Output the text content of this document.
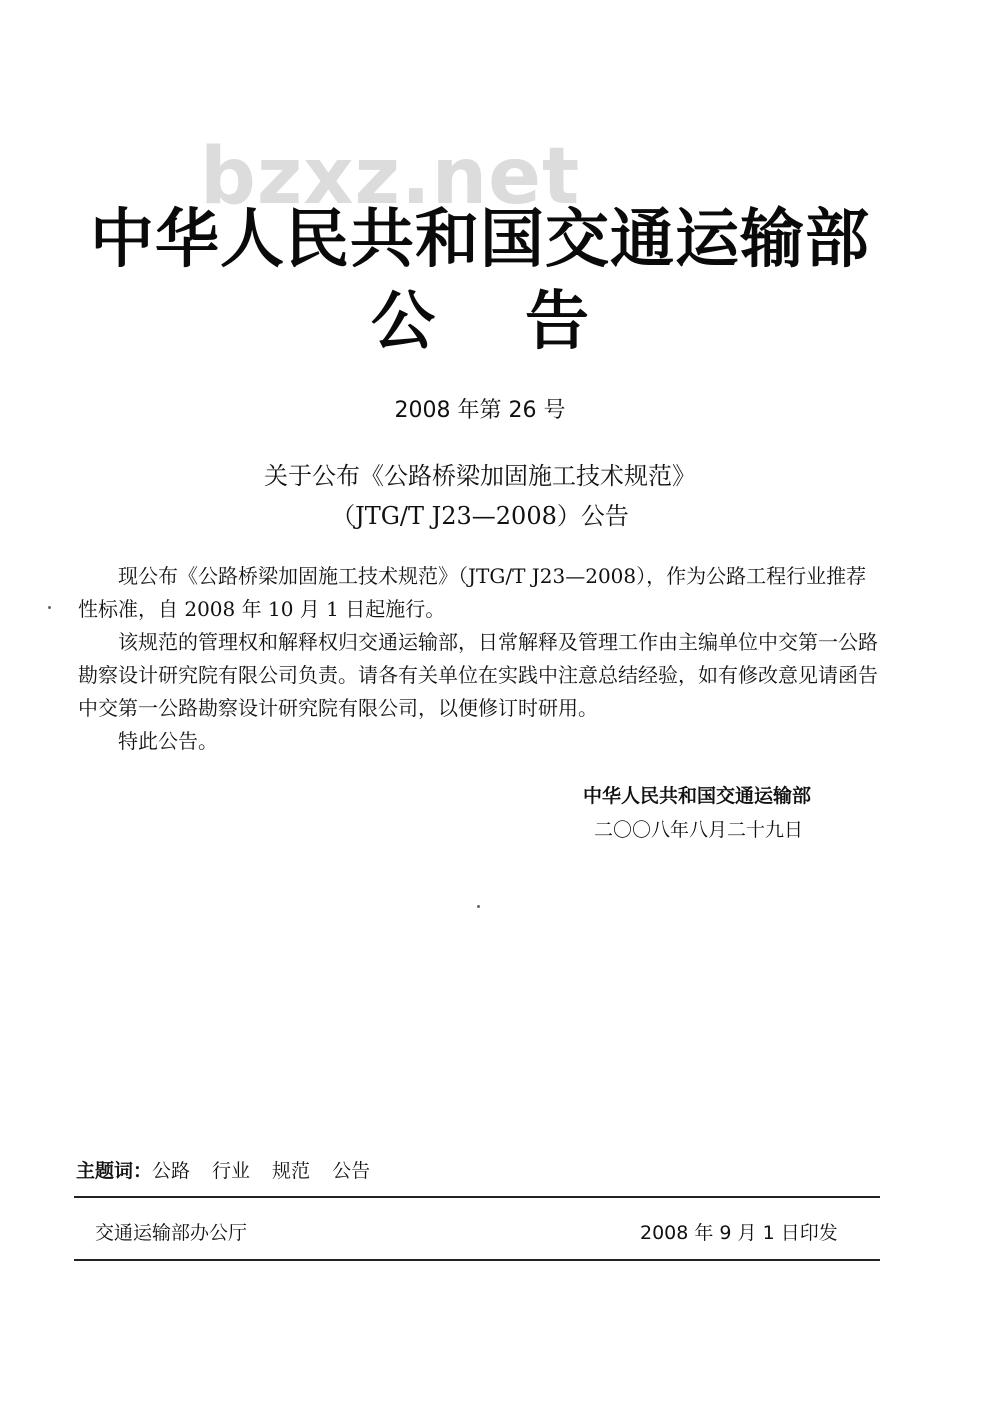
bzxz.net
中华人民共和国交通运输部
公 告
2008 年第 26 号
关于公布《公路桥梁加固施工技术规范》
（JTG/T J23—2008）公告

现公布《公路桥梁加固施工技术规范》（JTG/T J23—2008），作为公路工程行业推荐性标准，自 2008 年 10 月 1 日起施行。

该规范的管理权和解释权归交通运输部，日常解释及管理工作由主编单位中交第一公路勘察设计研究院有限公司负责。请各有关单位在实践中注意总结经验，如有修改意见请函告中交第一公路勘察设计研究院有限公司，以便修订时研用。

特此公告。

中华人民共和国交通运输部
二〇〇八年八月二十九日
主题词：公路 行业 规范 公告
交通运输部办公厅	2008 年 9 月 1 日印发
